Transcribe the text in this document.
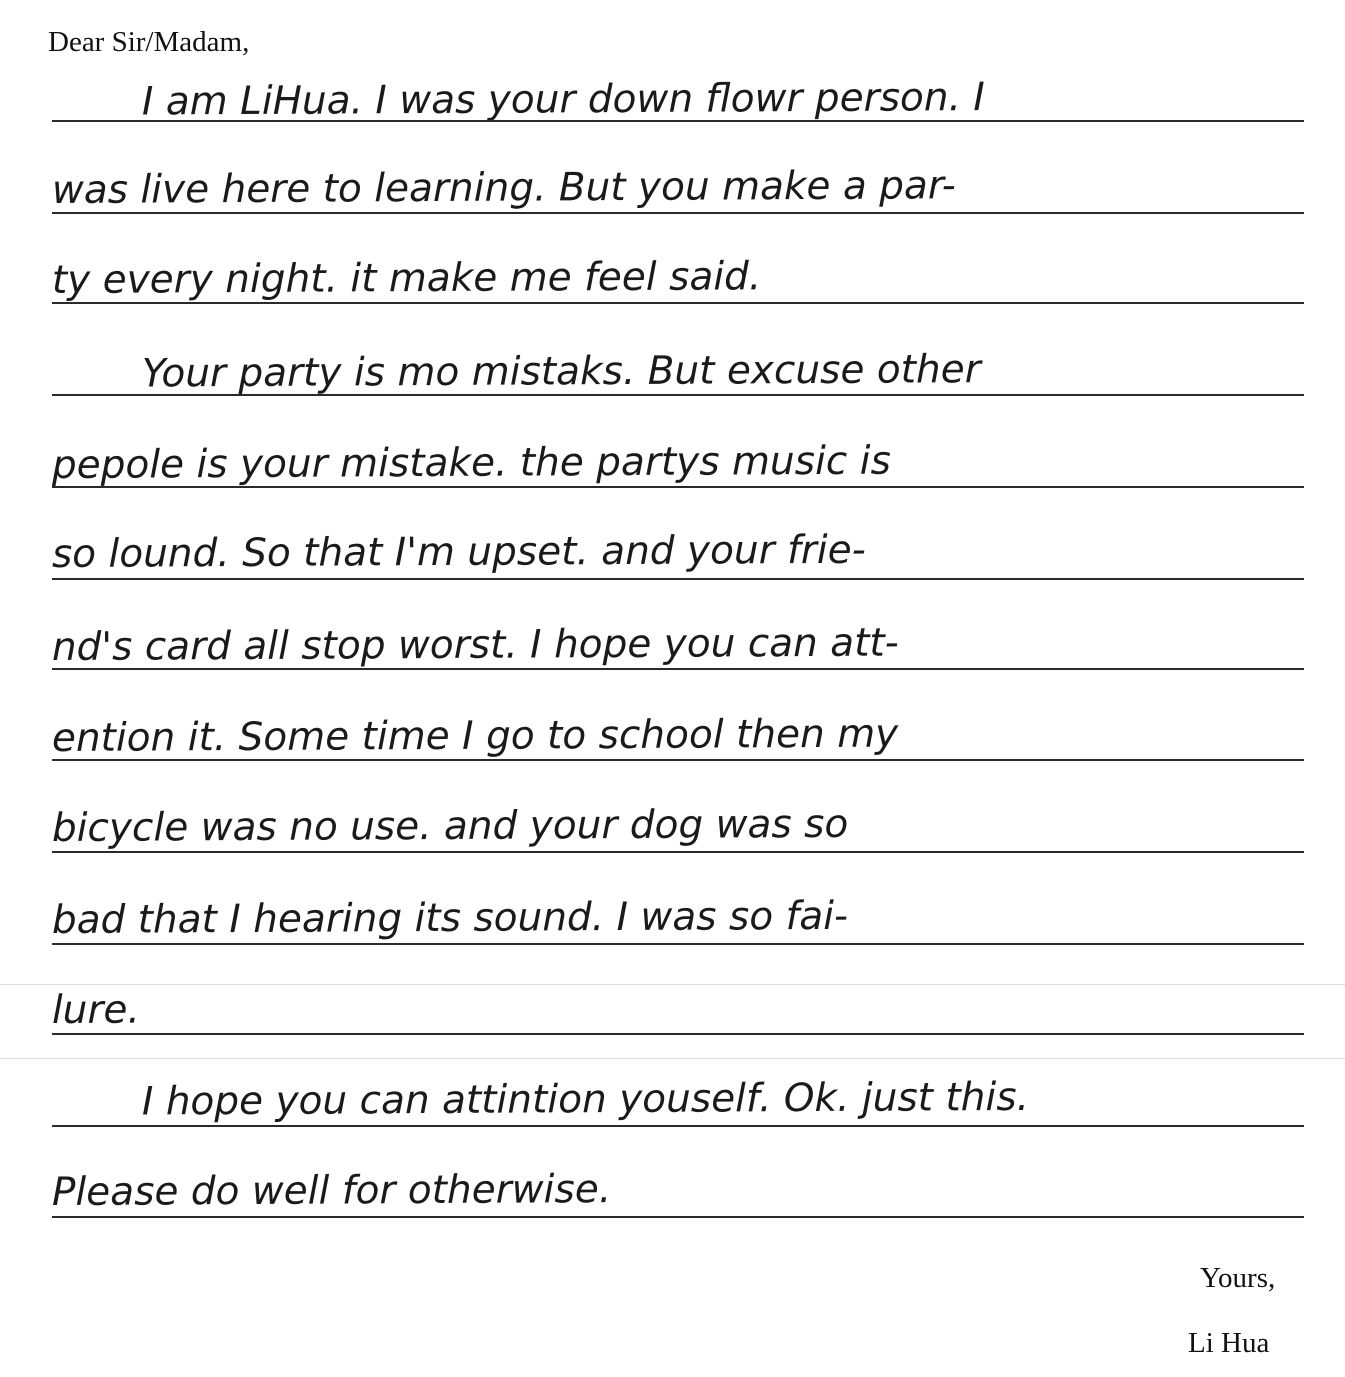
Dear Sir/Madam,
I am LiHua. I was your down flowr person. I
was live here to learning. But you make a par-
ty every night. it make me feel said.
Your party is mo mistaks. But excuse other
pepole is your mistake. the partys music is
so lound. So that I'm upset. and your frie-
nd's card all stop worst. I hope you can att-
ention it. Some time I go to school then my
bicycle was no use. and your dog was so
bad that I hearing its sound. I was so fai-
lure.
I hope you can attintion youself. Ok. just this.
Please do well for otherwise.
Yours,
Li Hua
